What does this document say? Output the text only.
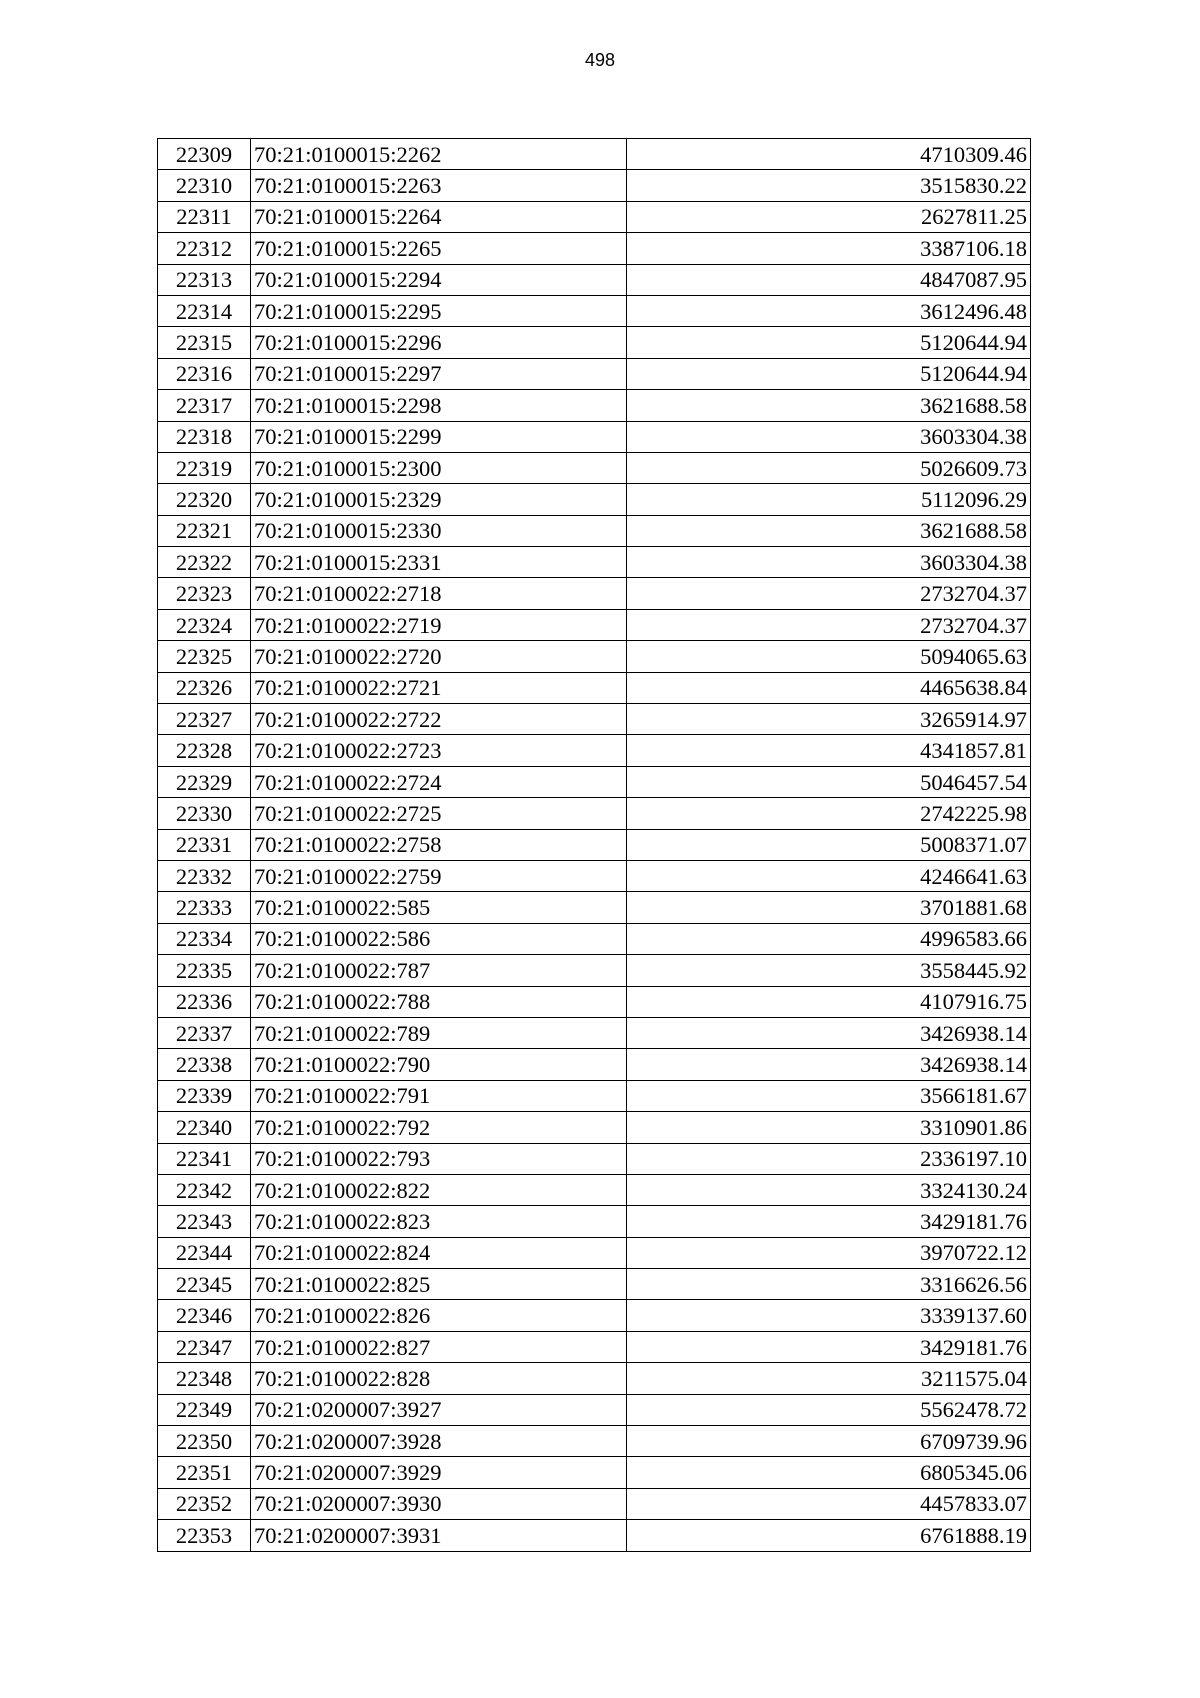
498
22309	70:21:0100015:2262	4710309.46
22310	70:21:0100015:2263	3515830.22
22311	70:21:0100015:2264	2627811.25
22312	70:21:0100015:2265	3387106.18
22313	70:21:0100015:2294	4847087.95
22314	70:21:0100015:2295	3612496.48
22315	70:21:0100015:2296	5120644.94
22316	70:21:0100015:2297	5120644.94
22317	70:21:0100015:2298	3621688.58
22318	70:21:0100015:2299	3603304.38
22319	70:21:0100015:2300	5026609.73
22320	70:21:0100015:2329	5112096.29
22321	70:21:0100015:2330	3621688.58
22322	70:21:0100015:2331	3603304.38
22323	70:21:0100022:2718	2732704.37
22324	70:21:0100022:2719	2732704.37
22325	70:21:0100022:2720	5094065.63
22326	70:21:0100022:2721	4465638.84
22327	70:21:0100022:2722	3265914.97
22328	70:21:0100022:2723	4341857.81
22329	70:21:0100022:2724	5046457.54
22330	70:21:0100022:2725	2742225.98
22331	70:21:0100022:2758	5008371.07
22332	70:21:0100022:2759	4246641.63
22333	70:21:0100022:585	3701881.68
22334	70:21:0100022:586	4996583.66
22335	70:21:0100022:787	3558445.92
22336	70:21:0100022:788	4107916.75
22337	70:21:0100022:789	3426938.14
22338	70:21:0100022:790	3426938.14
22339	70:21:0100022:791	3566181.67
22340	70:21:0100022:792	3310901.86
22341	70:21:0100022:793	2336197.10
22342	70:21:0100022:822	3324130.24
22343	70:21:0100022:823	3429181.76
22344	70:21:0100022:824	3970722.12
22345	70:21:0100022:825	3316626.56
22346	70:21:0100022:826	3339137.60
22347	70:21:0100022:827	3429181.76
22348	70:21:0100022:828	3211575.04
22349	70:21:0200007:3927	5562478.72
22350	70:21:0200007:3928	6709739.96
22351	70:21:0200007:3929	6805345.06
22352	70:21:0200007:3930	4457833.07
22353	70:21:0200007:3931	6761888.19
